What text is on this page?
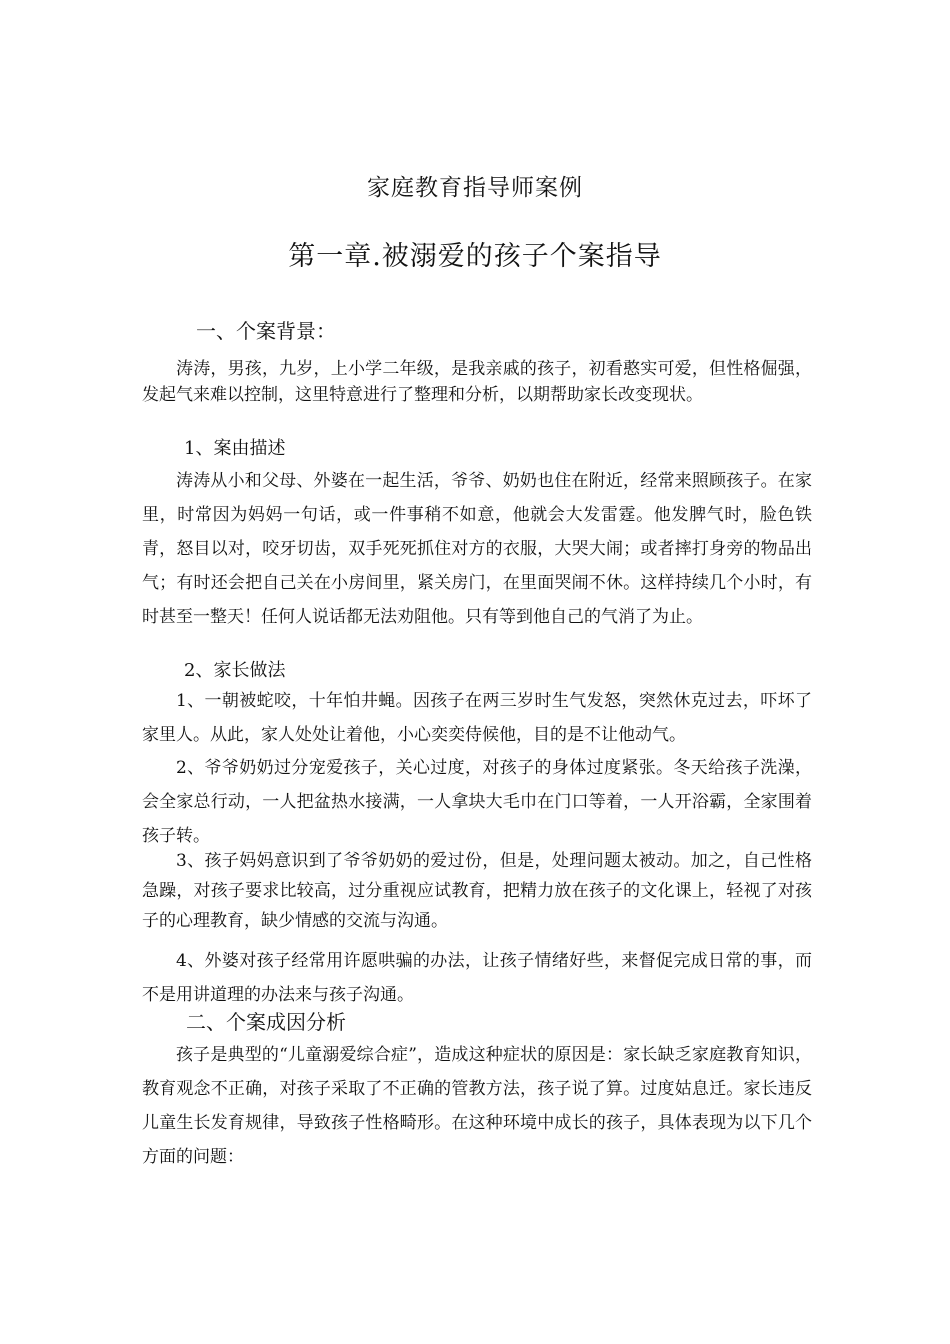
家庭教育指导师案例
第一章.被溺爱的孩子个案指导
一、个案背景：

涛涛，男孩，九岁，上小学二年级，是我亲戚的孩子，初看憨实可爱，但性格倔强，发起气来难以控制，这里特意进行了整理和分析，以期帮助家长改变现状。

1、案由描述

涛涛从小和父母、外婆在一起生活，爷爷、奶奶也住在附近，经常来照顾孩子。在家里，时常因为妈妈一句话，或一件事稍不如意，他就会大发雷霆。他发脾气时，脸色铁青，怒目以对，咬牙切齿，双手死死抓住对方的衣服，大哭大闹；或者摔打身旁的物品出气；有时还会把自己关在小房间里，紧关房门，在里面哭闹不休。这样持续几个小时，有时甚至一整天！任何人说话都无法劝阻他。只有等到他自己的气消了为止。

2、家长做法

1、一朝被蛇咬，十年怕井蝇。因孩子在两三岁时生气发怒，突然休克过去，吓坏了家里人。从此，家人处处让着他，小心奕奕侍候他，目的是不让他动气。

2、爷爷奶奶过分宠爱孩子，关心过度，对孩子的身体过度紧张。冬天给孩子洗澡，会全家总行动，一人把盆热水接满，一人拿块大毛巾在门口等着，一人开浴霸，全家围着孩子转。

3、孩子妈妈意识到了爷爷奶奶的爱过份，但是，处理问题太被动。加之，自己性格急躁，对孩子要求比较高，过分重视应试教育，把精力放在孩子的文化课上，轻视了对孩子的心理教育，缺少情感的交流与沟通。

4、外婆对孩子经常用许愿哄骗的办法，让孩子情绪好些，来督促完成日常的事，而不是用讲道理的办法来与孩子沟通。

二、个案成因分析

孩子是典型的“儿童溺爱综合症”，造成这种症状的原因是：家长缺乏家庭教育知识，教育观念不正确，对孩子采取了不正确的管教方法，孩子说了算。过度姑息迁。家长违反儿童生长发育规律，导致孩子性格畸形。在这种环境中成长的孩子，具体表现为以下几个方面的问题：
